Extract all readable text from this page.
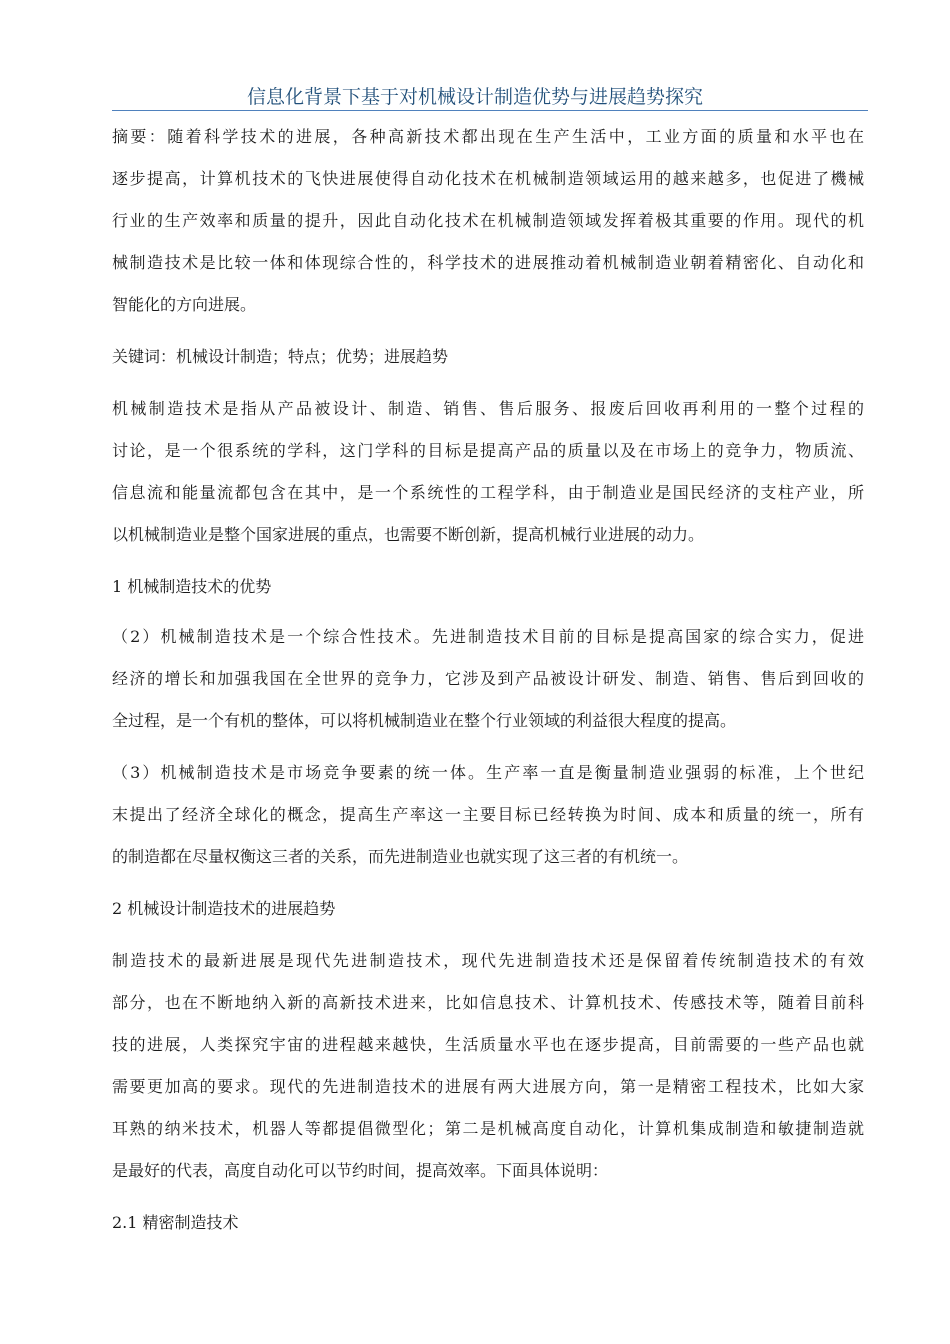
信息化背景下基于对机械设计制造优势与进展趋势探究
摘要：随着科学技术的进展，各种高新技术都出现在生产生活中，工业方面的质量和水平也在
逐步提高，计算机技术的飞快进展使得自动化技术在机械制造领域运用的越来越多，也促进了機械
行业的生产效率和质量的提升，因此自动化技术在机械制造领域发挥着极其重要的作用。现代的机
械制造技术是比较一体和体现综合性的，科学技术的进展推动着机械制造业朝着精密化、自动化和
智能化的方向进展。
关键词：机械设计制造；特点；优势；进展趋势
机械制造技术是指从产品被设计、制造、销售、售后服务、报废后回收再利用的一整个过程的
讨论，是一个很系统的学科，这门学科的目标是提高产品的质量以及在市场上的竞争力，物质流、
信息流和能量流都包含在其中，是一个系统性的工程学科，由于制造业是国民经济的支柱产业，所
以机械制造业是整个国家进展的重点，也需要不断创新，提高机械行业进展的动力。
1 机械制造技术的优势
（2）机械制造技术是一个综合性技术。先进制造技术目前的目标是提高国家的综合实力，促进
经济的增长和加强我国在全世界的竞争力，它涉及到产品被设计研发、制造、销售、售后到回收的
全过程，是一个有机的整体，可以将机械制造业在整个行业领域的利益很大程度的提高。
（3）机械制造技术是市场竞争要素的统一体。生产率一直是衡量制造业强弱的标准，上个世纪
末提出了经济全球化的概念，提高生产率这一主要目标已经转换为时间、成本和质量的统一，所有
的制造都在尽量权衡这三者的关系，而先进制造业也就实现了这三者的有机统一。
2 机械设计制造技术的进展趋势
制造技术的最新进展是现代先进制造技术，现代先进制造技术还是保留着传统制造技术的有效
部分，也在不断地纳入新的高新技术进来，比如信息技术、计算机技术、传感技术等，随着目前科
技的进展，人类探究宇宙的进程越来越快，生活质量水平也在逐步提高，目前需要的一些产品也就
需要更加高的要求。现代的先进制造技术的进展有两大进展方向，第一是精密工程技术，比如大家
耳熟的纳米技术，机器人等都提倡微型化；第二是机械高度自动化，计算机集成制造和敏捷制造就
是最好的代表，高度自动化可以节约时间，提高效率。下面具体说明：
2.1 精密制造技术
